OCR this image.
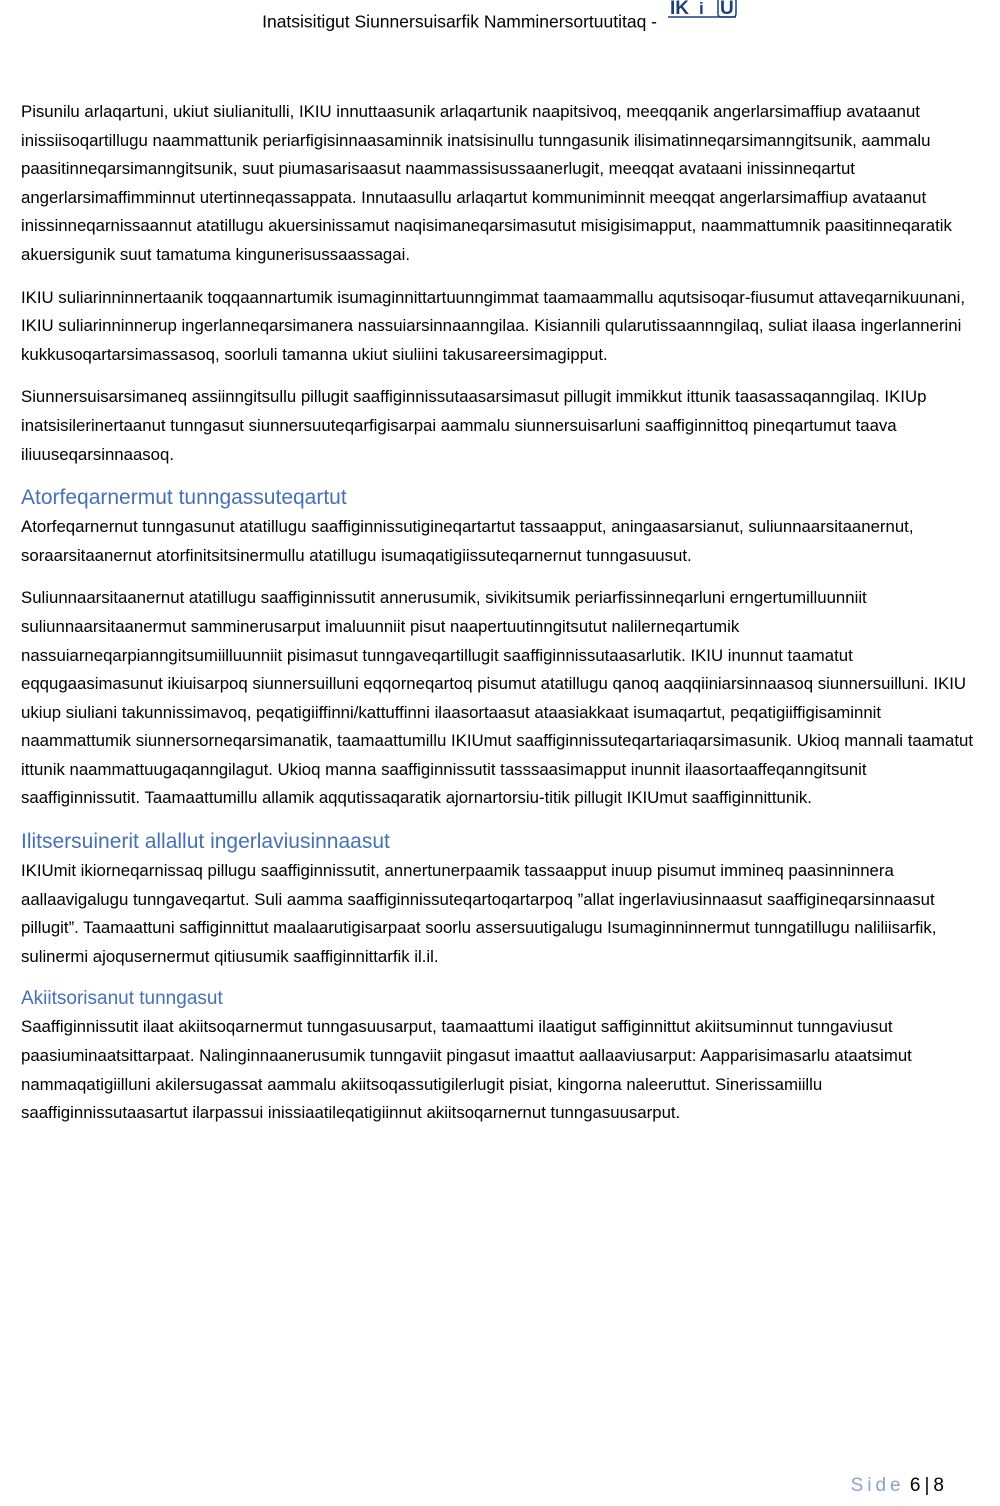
Inatsisitigut Siunnersuisarfik Namminersortuutitaq -
IK i U

Pisunilu arlaqartuni, ukiut siulianitulli, IKIU innuttaasunik arlaqartunik naapitsivoq, meeqqanik angerlarsimaffiup avataanut inissiisoqartillugu naammattunik periarfigisinnaasaminnik inatsisinullu tunngasunik ilisimatinneqarsimanngitsunik, aammalu paasitinneqarsimanngitsunik, suut piumasarisaasut naammassisussaanerlugit, meeqqat avataani inissinneqartut angerlarsimaffimminnut utertinneqassappata. Innutaasullu arlaqartut kommuniminnit meeqqat angerlarsimaffiup avataanut inissinneqarnissaannut atatillugu akuersinissamut naqisimaneqarsimasutut misigisimapput, naammattumnik paasitinneqaratik akuersigunik suut tamatuma kingunerisussaassagai.

IKIU suliarinninnertaanik toqqaannartumik isumaginnittartuunngimmat taamaammallu aqutsisoqar-fiusumut attaveqarnikuunani, IKIU suliarinninnerup ingerlanneqarsimanera nassuiarsinnaanngilaa. Kisiannili qularutissaannngilaq, suliat ilaasa ingerlannerini kukkusoqartarsimassasoq, soorluli tamanna ukiut siuliini takusareersimagipput.

Siunnersuisarsimaneq assiinngitsullu pillugit saaffiginnissutaasarsimasut pillugit immikkut ittunik taasassaqanngilaq. IKIUp inatsisilerinertaanut tunngasut siunnersuuteqarfigisarpai aammalu siunnersuisarluni saaffiginnittoq pineqartumut taava iliuuseqarsinnaasoq.

Atorfeqarnermut tunngassuteqartut

Atorfeqarnernut tunngasunut atatillugu saaffiginnissutigineqartartut tassaapput, aningaasarsianut, suliunnaarsitaanernut, soraarsitaanernut atorfinitsitsinermullu atatillugu isumaqatigiissuteqarnernut tunngasuusut.

Suliunnaarsitaanernut atatillugu saaffiginnissutit annerusumik, sivikitsumik periarfissinneqarluni erngertumilluunniit suliunnaarsitaanermut samminerusarput imaluunniit pisut naapertuutinngitsutut nalilerneqartumik nassuiarneqarpianngitsumiilluunniit pisimasut tunngaveqartillugit saaffiginnissutaasarlutik. IKIU inunnut taamatut eqqugaasimasunut ikiuisarpoq siunnersuilluni eqqorneqartoq pisumut atatillugu qanoq aaqqiiniarsinnaasoq siunnersuilluni. IKIU ukiup siuliani takunnissimavoq, peqatigiiffinni/kattuffinni ilaasortaasut ataasiakkaat isumaqartut, peqatigiiffigisaminnit naammattumik siunnersorneqarsimanatik, taamaattumillu IKIUmut saaffiginnissuteqartariaqarsimasunik. Ukioq mannali taamatut ittunik naammattuugaqanngilagut. Ukioq manna saaffiginnissutit tasssaasimapput inunnit ilaasortaaffeqanngitsunit saaffiginnissutit. Taamaattumillu allamik aqqutissaqaratik ajornartorsiu-titik pillugit IKIUmut saaffiginnittunik.

Ilitsersuinerit allallut ingerlaviusinnaasut

IKIUmit ikiorneqarnissaq pillugu saaffiginnissutit, annertunerpaamik tassaapput inuup pisumut immineq paasinninnera aallaavigalugu tunngaveqartut. Suli aamma saaffiginnissuteqartoqartarpoq ”allat ingerlaviusinnaasut saaffigineqarsinnaasut pillugit”. Taamaattuni saffiginnittut maalaarutigisarpaat soorlu assersuutigalugu Isumaginninnermut tunngatillugu naliliisarfik, sulinermi ajoqusernermut qitiusumik saaffiginnittarfik il.il.

Akiitsorisanut tunngasut

Saaffiginnissutit ilaat akiitsoqarnermut tunngasuusarput, taamaattumi ilaatigut saffiginnittut akiitsuminnut tunngaviusut paasiuminaatsittarpaat. Nalinginnaanerusumik tunngaviit pingasut imaattut aallaaviusarput: Aapparisimasarlu ataatsimut nammaqatigiilluni akilersugassat aammalu akiitsoqassutigilerlugit pisiat, kingorna naleeruttut. Sinerissamiillu saaffiginnissutaasartut ilarpassui inissiaatileqatigiinnut akiitsoqarnernut tunngasuusarput.

Side 6 | 8
